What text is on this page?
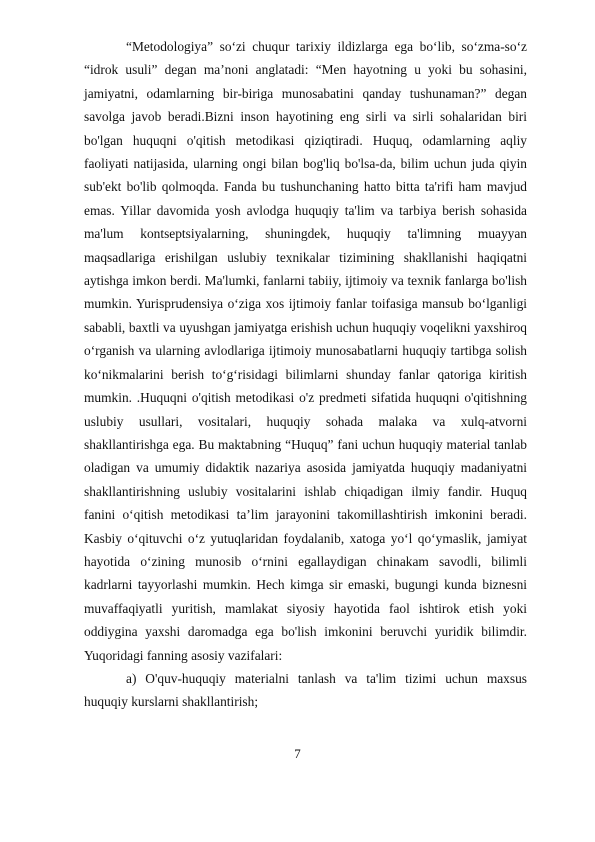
“Metodologiya” so‘zi chuqur tarixiy ildizlarga ega bo‘lib, so‘zma-so‘z “idrok usuli” degan ma’noni anglatadi: “Men hayotning u yoki bu sohasini, jamiyatni, odamlarning bir-biriga munosabatini qanday tushunaman?” degan savolga javob beradi.Bizni inson hayotining eng sirli va sirli sohalaridan biri bo'lgan huquqni o'qitish metodikasi qiziqtiradi. Huquq, odamlarning aqliy faoliyati natijasida, ularning ongi bilan bog'liq bo'lsa-da, bilim uchun juda qiyin sub'ekt bo'lib qolmoqda. Fanda bu tushunchaning hatto bitta ta'rifi ham mavjud emas. Yillar davomida yosh avlodga huquqiy ta'lim va tarbiya berish sohasida ma'lum kontseptsiyalarning, shuningdek, huquqiy ta'limning muayyan maqsadlariga erishilgan uslubiy texnikalar tizimining shakllanishi haqiqatni aytishga imkon berdi. Ma'lumki, fanlarni tabiiy, ijtimoiy va texnik fanlarga bo'lish mumkin. Yurisprudensiya o‘ziga xos ijtimoiy fanlar toifasiga mansub bo‘lganligi sababli, baxtli va uyushgan jamiyatga erishish uchun huquqiy voqelikni yaxshiroq o‘rganish va ularning avlodlariga ijtimoiy munosabatlarni huquqiy tartibga solish ko‘nikmalarini berish to‘g‘risidagi bilimlarni shunday fanlar qatoriga kiritish mumkin. .Huquqni o'qitish metodikasi o'z predmeti sifatida huquqni o'qitishning uslubiy usullari, vositalari, huquqiy sohada malaka va xulq-atvorni shakllantirishga ega. Bu maktabning “Huquq” fani uchun huquqiy material tanlab oladigan va umumiy didaktik nazariya asosida jamiyatda huquqiy madaniyatni shakllantirishning uslubiy vositalarini ishlab chiqadigan ilmiy fandir. Huquq fanini o‘qitish metodikasi ta’lim jarayonini takomillashtirish imkonini beradi. Kasbiy o‘qituvchi o‘z yutuqlaridan foydalanib, xatoga yo‘l qo‘ymaslik, jamiyat hayotida o‘zining munosib o‘rnini egallaydigan chinakam savodli, bilimli kadrlarni tayyorlashi mumkin. Hech kimga sir emaski, bugungi kunda biznesni muvaffaqiyatli yuritish, mamlakat siyosiy hayotida faol ishtirok etish yoki oddiygina yaxshi daromadga ega bo'lish imkonini beruvchi yuridik bilimdir. Yuqoridagi fanning asosiy vazifalari:

a) O'quv-huquqiy materialni tanlash va ta'lim tizimi uchun maxsus huquqiy kurslarni shakllantirish;

7
